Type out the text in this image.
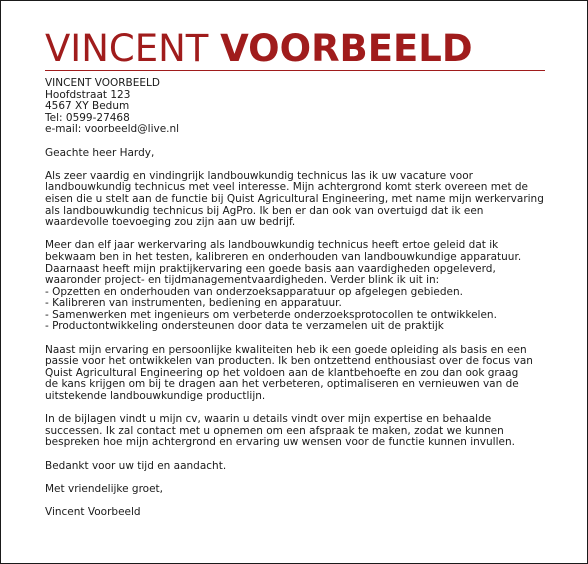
VINCENT VOORBEELD
VINCENT VOORBEELD
Hoofdstraat 123
4567 XY Bedum
Tel: 0599-27468
e-mail: voorbeeld@live.nl

Geachte heer Hardy,

Als zeer vaardig en vindingrijk landbouwkundig technicus las ik uw vacature voor
landbouwkundig technicus met veel interesse. Mijn achtergrond komt sterk overeen met de
eisen die u stelt aan de functie bij Quist Agricultural Engineering, met name mijn werkervaring
als landbouwkundig technicus bij AgPro. Ik ben er dan ook van overtuigd dat ik een
waardevolle toevoeging zou zijn aan uw bedrijf.
Meer dan elf jaar werkervaring als landbouwkundig technicus heeft ertoe geleid dat ik
bekwaam ben in het testen, kalibreren en onderhouden van landbouwkundige apparatuur.
Daarnaast heeft mijn praktijkervaring een goede basis aan vaardigheden opgeleverd,
waaronder project- en tijdmanagementvaardigheden. Verder blink ik uit in:
- Opzetten en onderhouden van onderzoeksapparatuur op afgelegen gebieden.
- Kalibreren van instrumenten, bediening en apparatuur.
- Samenwerken met ingenieurs om verbeterde onderzoeksprotocollen te ontwikkelen.
- Productontwikkeling ondersteunen door data te verzamelen uit de praktijk
Naast mijn ervaring en persoonlijke kwaliteiten heb ik een goede opleiding als basis en een
passie voor het ontwikkelen van producten. Ik ben ontzettend enthousiast over de focus van
Quist Agricultural Engineering op het voldoen aan de klantbehoefte en zou dan ook graag
de kans krijgen om bij te dragen aan het verbeteren, optimaliseren en vernieuwen van de
uitstekende landbouwkundige productlijn.
In de bijlagen vindt u mijn cv, waarin u details vindt over mijn expertise en behaalde
successen. Ik zal contact met u opnemen om een afspraak te maken, zodat we kunnen
bespreken hoe mijn achtergrond en ervaring uw wensen voor de functie kunnen invullen.

Bedankt voor uw tijd en aandacht.

Met vriendelijke groet,

Vincent Voorbeeld
